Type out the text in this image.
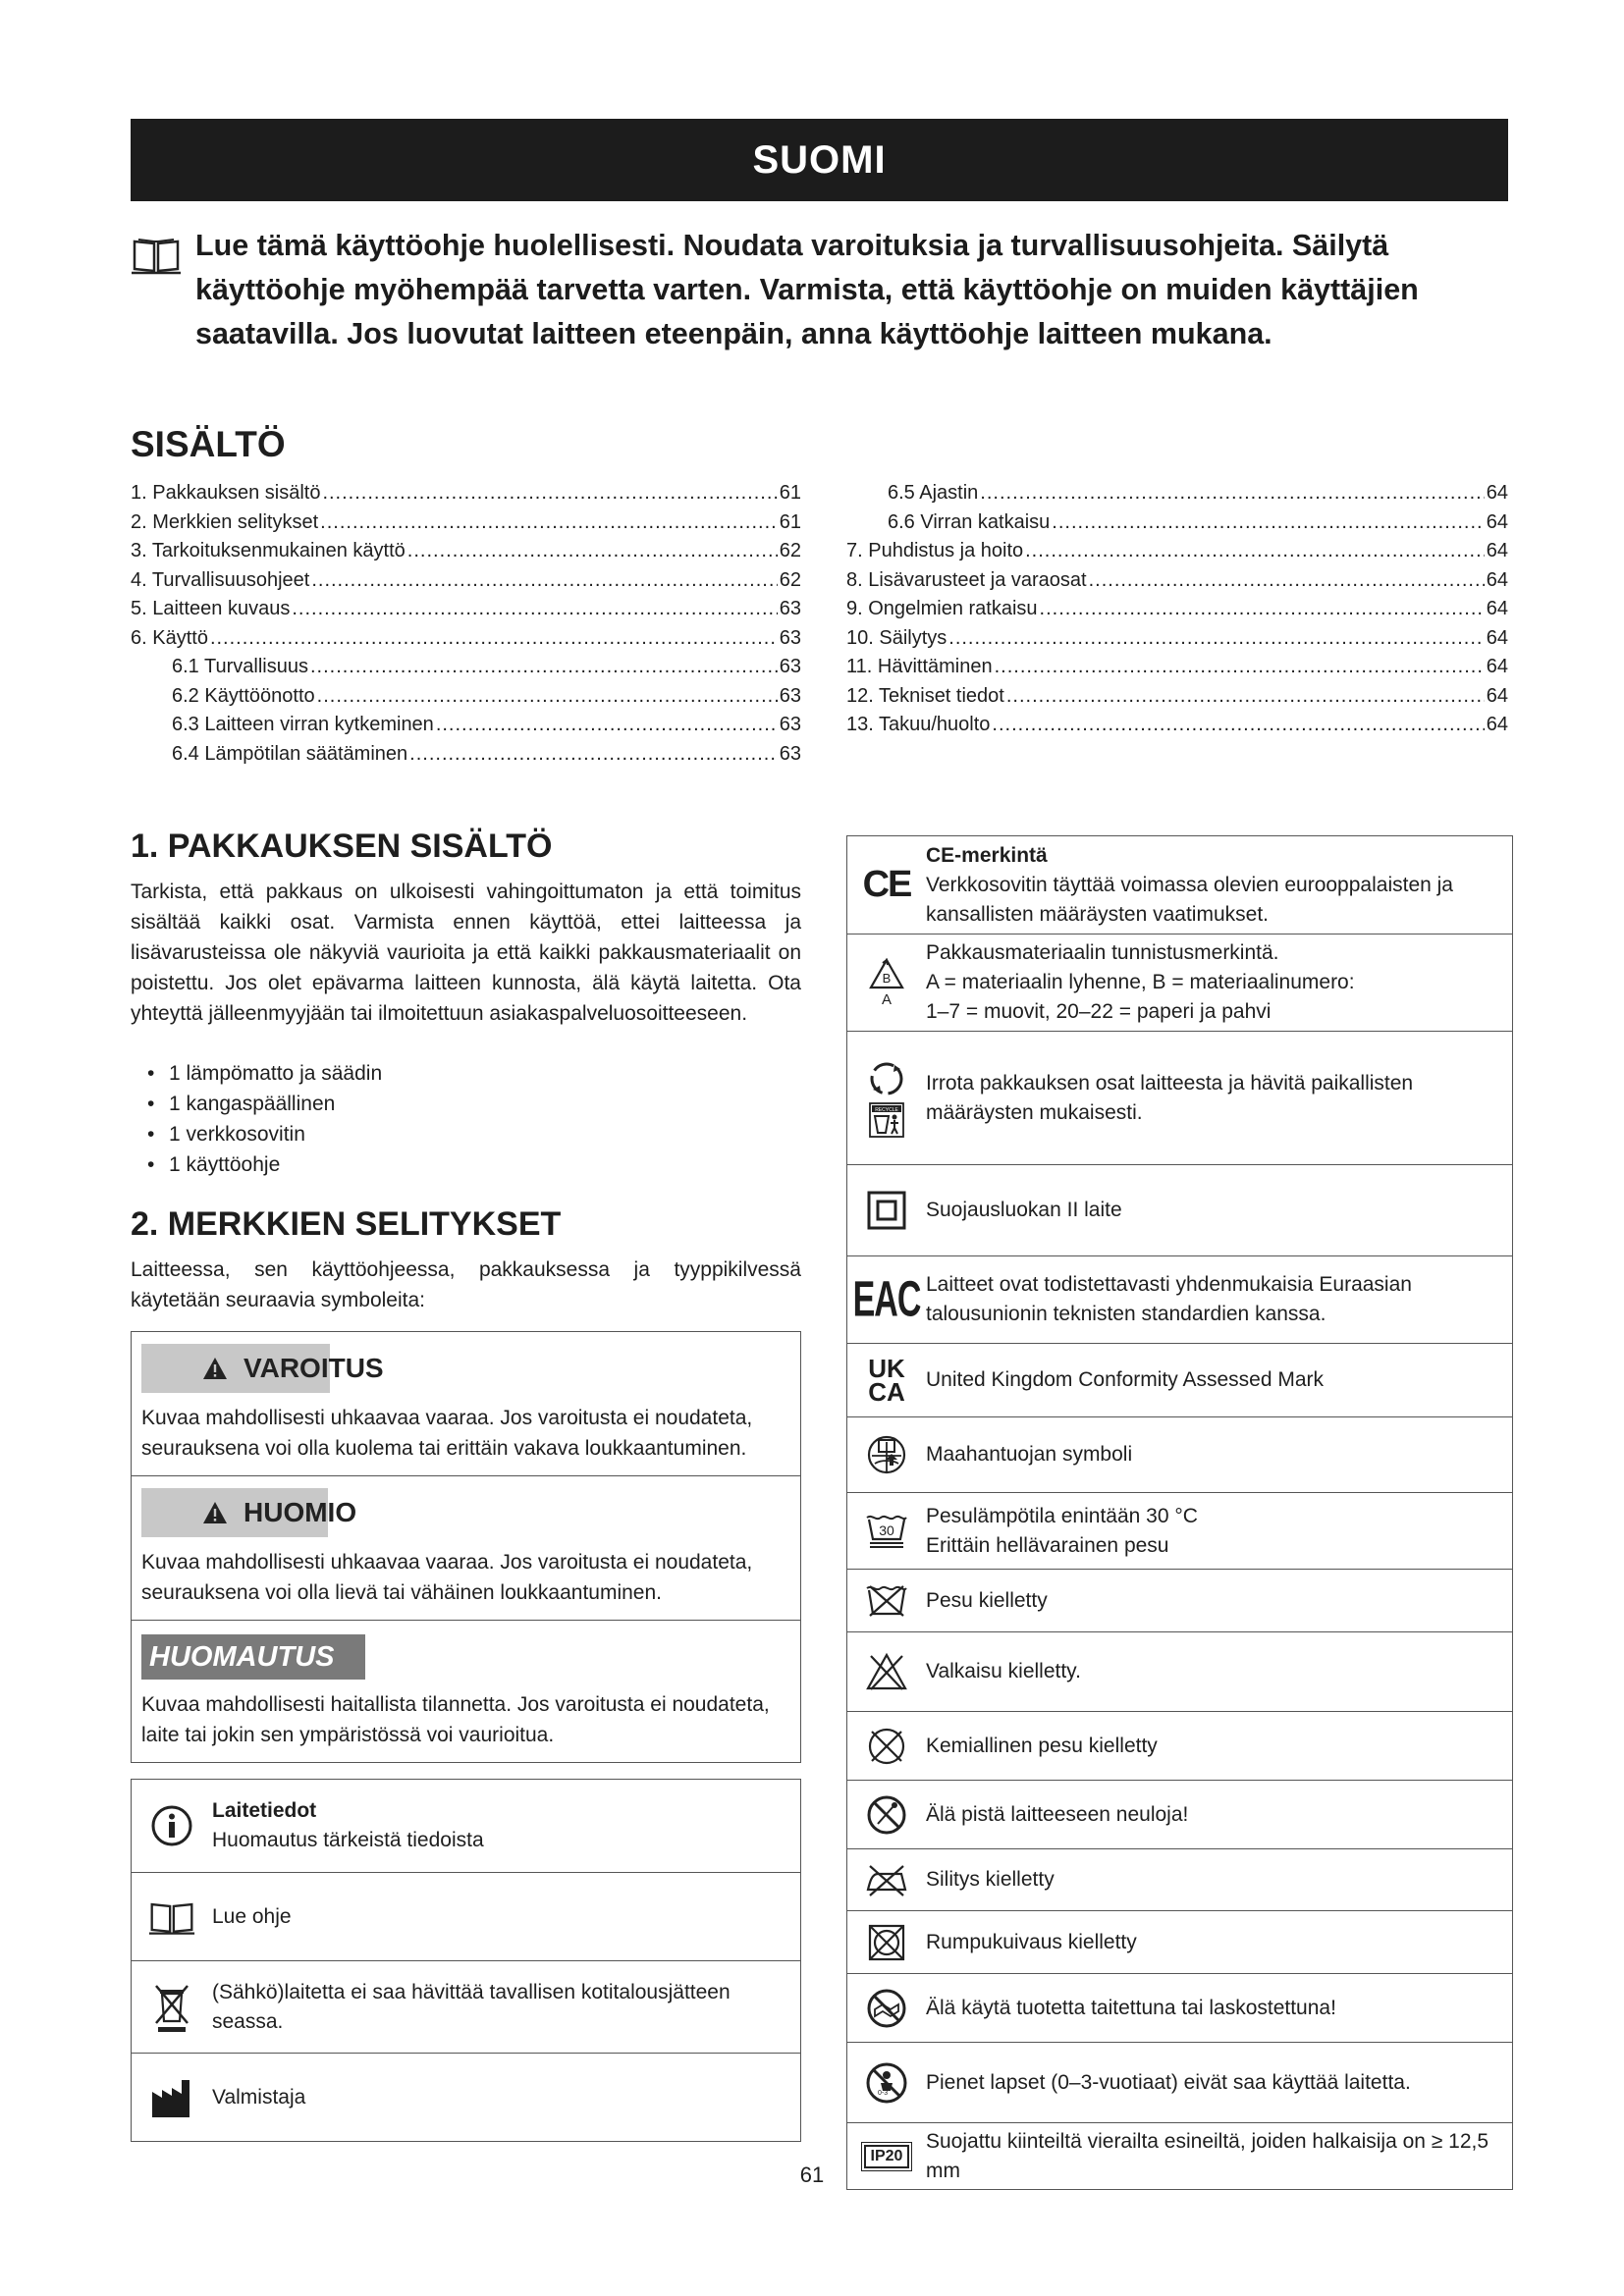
SUOMI

Lue tämä käyttöohje huolellisesti. Noudata varoituksia ja turvallisuusohjeita. Säilytä käyttöohje myöhempää tarvetta varten. Varmista, että käyttöohje on muiden käyttäjien saatavilla. Jos luovutat laitteen eteenpäin, anna käyttöohje laitteen mukana.

SISÄLTÖ
1. Pakkauksen sisältö .....	61
2. Merkkien selitykset .....	61
3. Tarkoituksenmukainen käyttö .....	62
4. Turvallisuusohjeet .....	62
5. Laitteen kuvaus .....	63
6. Käyttö .....	63
6.1 Turvallisuus .....	63
6.2 Käyttöönotto .....	63
6.3 Laitteen virran kytkeminen .....	63
6.4 Lämpötilan säätäminen .....	63
6.5 Ajastin .....	64
6.6 Virran katkaisu .....	64
7. Puhdistus ja hoito .....	64
8. Lisävarusteet ja varaosat .....	64
9. Ongelmien ratkaisu .....	64
10. Säilytys .....	64
11. Hävittäminen .....	64
12. Tekniset tiedot .....	64
13. Takuu/huolto .....	64
1. PAKKAUKSEN SISÄLTÖ
Tarkista, että pakkaus on ulkoisesti vahingoittumaton ja että toimitus sisältää kaikki osat. Varmista ennen käyttöä, ettei laitteessa ja lisävarusteissa ole näkyviä vaurioita ja että kaikki pakkausmateriaalit on poistettu. Jos olet epävarma laitteen kunnosta, älä käytä laitetta. Ota yhteyttä jälleenmyyjään tai ilmoitettuun asiakaspalveluosoitteeseen.
• 1 lämpömatto ja säädin
• 1 kangaspäällinen
• 1 verkkosovitin
• 1 käyttöohje
2. MERKKIEN SELITYKSET
Laitteessa, sen käyttöohjeessa, pakkauksessa ja tyyppikilvessä käytetään seuraavia symboleita:
VAROITUS
Kuvaa mahdollisesti uhkaavaa vaaraa. Jos varoitusta ei noudateta, seurauksena voi olla kuolema tai erittäin vakava loukkaantuminen.
HUOMIO
Kuvaa mahdollisesti uhkaavaa vaaraa. Jos varoitusta ei noudateta, seurauksena voi olla lievä tai vähäinen loukkaantuminen.
HUOMAUTUS
Kuvaa mahdollisesti haitallista tilannetta. Jos varoitusta ei noudateta, laite tai jokin sen ympäristössä voi vaurioitua.
Laitetiedot
Huomautus tärkeistä tiedoista
Lue ohje
(Sähkö)laitetta ei saa hävittää tavallisen kotitalousjätteen seassa.
Valmistaja
CE
CE-merkintä
Verkkosovitin täyttää voimassa olevien eurooppalaisten ja kansallisten määräysten vaatimukset.
B
A
Pakkausmateriaalin tunnistusmerkintä.
A = materiaalin lyhenne, B = materiaalinumero:
1–7 = muovit, 20–22 = paperi ja pahvi
RECYCLE
Irrota pakkauksen osat laitteesta ja hävitä paikallisten määräysten mukaisesti.
Suojausluokan II laite
EAC Laitteet ovat todistettavasti yhdenmukaisia Euraasian talousunionin teknisten standardien kanssa.
UK
CA United Kingdom Conformity Assessed Mark
Maahantuojan symboli
30
Pesulämpötila enintään 30 °C
Erittäin hellävarainen pesu
Pesu kielletty
Valkaisu kielletty.
Kemiallinen pesu kielletty
Älä pistä laitteeseen neuloja!
Silitys kielletty
Rumpukuivaus kielletty
Älä käytä tuotetta taitettuna tai laskostettuna!
0-3 Pienet lapset (0–3-vuotiaat) eivät saa käyttää laitetta.
IP20
Suojattu kiinteiltä vierailta esineiltä, joiden halkaisija on ≥ 12,5 mm
61
